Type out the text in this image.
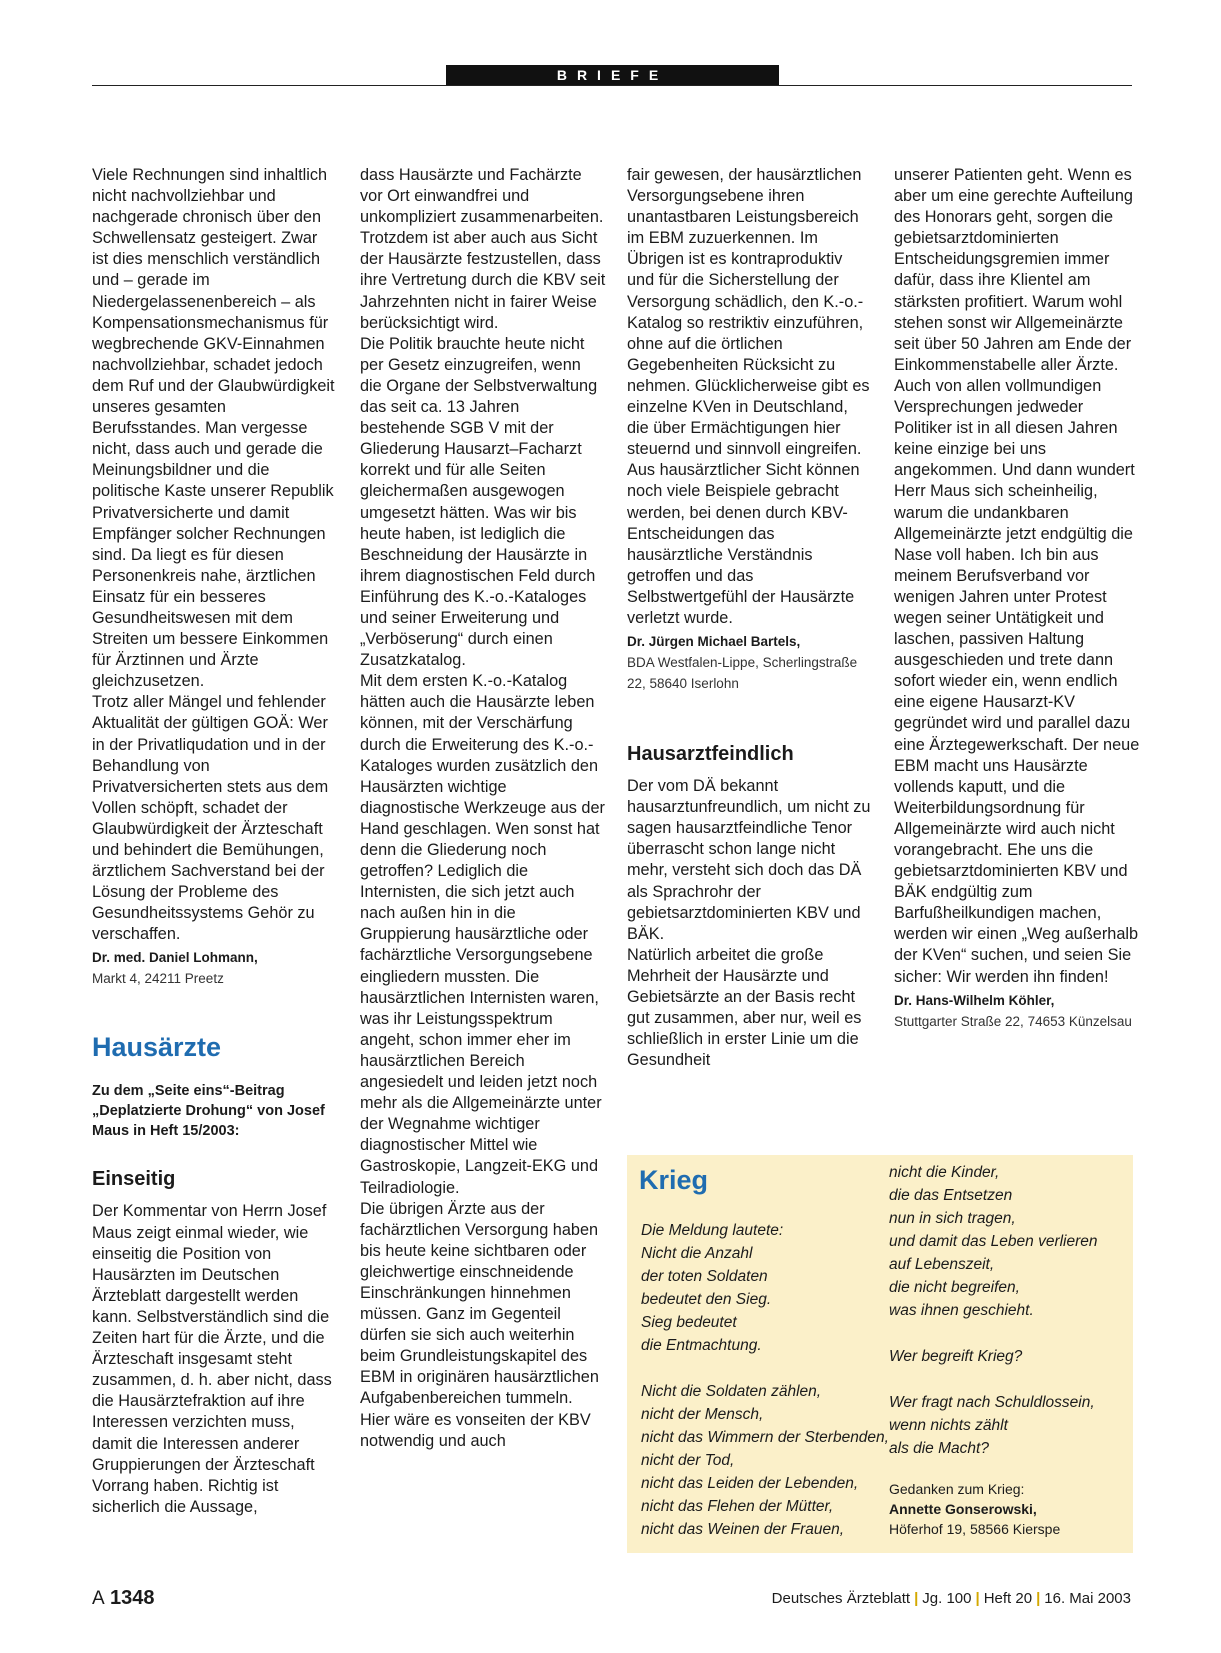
BRIEFE

Viele Rechnungen sind inhaltlich nicht nachvollziehbar und nachgerade chronisch über den Schwellensatz gesteigert. Zwar ist dies menschlich verständlich und – gerade im Niedergelassenenbereich – als Kompensationsmechanismus für wegbrechende GKV-Einnahmen nachvollziehbar, schadet jedoch dem Ruf und der Glaubwürdigkeit unseres gesamten Berufsstandes. Man vergesse nicht, dass auch und gerade die Meinungsbildner und die politische Kaste unserer Republik Privatversicherte und damit Empfänger solcher Rechnungen sind. Da liegt es für diesen Personenkreis nahe, ärztlichen Einsatz für ein besseres Gesundheitswesen mit dem Streiten um bessere Einkommen für Ärztinnen und Ärzte gleichzusetzen.

Trotz aller Mängel und fehlender Aktualität der gültigen GOÄ: Wer in der Privatliqudation und in der Behandlung von Privatversicherten stets aus dem Vollen schöpft, schadet der Glaubwürdigkeit der Ärzteschaft und behindert die Bemühungen, ärztlichem Sachverstand bei der Lösung der Probleme des Gesundheitssystems Gehör zu verschaffen.

Dr. med. Daniel Lohmann,
Markt 4, 24211 Preetz
Hausärzte
Zu dem „Seite eins“-Beitrag „Deplatzierte Drohung“ von Josef Maus in Heft 15/2003:
Einseitig

Der Kommentar von Herrn Josef Maus zeigt einmal wieder, wie einseitig die Position von Hausärzten im Deutschen Ärzteblatt dargestellt werden kann. Selbstverständlich sind die Zeiten hart für die Ärzte, und die Ärzteschaft insgesamt steht zusammen, d. h. aber nicht, dass die Hausärztefraktion auf ihre Interessen verzichten muss, damit die Interessen anderer Gruppierungen der Ärzteschaft Vorrang haben. Richtig ist sicherlich die Aussage,

dass Hausärzte und Fachärzte vor Ort einwandfrei und unkompliziert zusammenarbeiten. Trotzdem ist aber auch aus Sicht der Hausärzte festzustellen, dass ihre Vertretung durch die KBV seit Jahrzehnten nicht in fairer Weise berücksichtigt wird.

Die Politik brauchte heute nicht per Gesetz einzugreifen, wenn die Organe der Selbstverwaltung das seit ca. 13 Jahren bestehende SGB V mit der Gliederung Hausarzt–Facharzt korrekt und für alle Seiten gleichermaßen ausgewogen umgesetzt hätten. Was wir bis heute haben, ist lediglich die Beschneidung der Hausärzte in ihrem diagnostischen Feld durch Einführung des K.-o.-Kataloges und seiner Erweiterung und „Verböserung“ durch einen Zusatzkatalog.

Mit dem ersten K.-o.-Katalog hätten auch die Hausärzte leben können, mit der Verschärfung durch die Erweiterung des K.-o.-Kataloges wurden zusätzlich den Hausärzten wichtige diagnostische Werkzeuge aus der Hand geschlagen. Wen sonst hat denn die Gliederung noch getroffen? Lediglich die Internisten, die sich jetzt auch nach außen hin in die Gruppierung hausärztliche oder fachärztliche Versorgungsebene eingliedern mussten. Die hausärztlichen Internisten waren, was ihr Leistungsspektrum angeht, schon immer eher im hausärztlichen Bereich angesiedelt und leiden jetzt noch mehr als die Allgemeinärzte unter der Wegnahme wichtiger diagnostischer Mittel wie Gastroskopie, Langzeit-EKG und Teilradiologie.

Die übrigen Ärzte aus der fachärztlichen Versorgung haben bis heute keine sichtbaren oder gleichwertige einschneidende Einschränkungen hinnehmen müssen. Ganz im Gegenteil dürfen sie sich auch weiterhin beim Grundleistungskapitel des EBM in originären hausärztlichen Aufgabenbereichen tummeln.

Hier wäre es vonseiten der KBV notwendig und auch

fair gewesen, der hausärztlichen Versorgungsebene ihren unantastbaren Leistungsbereich im EBM zuzuerkennen. Im Übrigen ist es kontraproduktiv und für die Sicherstellung der Versorgung schädlich, den K.-o.-Katalog so restriktiv einzuführen, ohne auf die örtlichen Gegebenheiten Rücksicht zu nehmen. Glücklicherweise gibt es einzelne KVen in Deutschland, die über Ermächtigungen hier steuernd und sinnvoll eingreifen.

Aus hausärztlicher Sicht können noch viele Beispiele gebracht werden, bei denen durch KBV-Entscheidungen das hausärztliche Verständnis getroffen und das Selbstwertgefühl der Hausärzte verletzt wurde.

Dr. Jürgen Michael Bartels,
BDA Westfalen-Lippe, Scherlingstraße 22, 58640 Iserlohn
Hausarztfeindlich

Der vom DÄ bekannt hausarztunfreundlich, um nicht zu sagen hausarztfeindliche Tenor überrascht schon lange nicht mehr, versteht sich doch das DÄ als Sprachrohr der gebietsarztdominierten KBV und BÄK.

Natürlich arbeitet die große Mehrheit der Hausärzte und Gebietsärzte an der Basis recht gut zusammen, aber nur, weil es schließlich in erster Linie um die Gesundheit

unserer Patienten geht. Wenn es aber um eine gerechte Aufteilung des Honorars geht, sorgen die gebietsarztdominierten Entscheidungsgremien immer dafür, dass ihre Klientel am stärksten profitiert. Warum wohl stehen sonst wir Allgemeinärzte seit über 50 Jahren am Ende der Einkommenstabelle aller Ärzte. Auch von allen vollmundigen Versprechungen jedweder Politiker ist in all diesen Jahren keine einzige bei uns angekommen. Und dann wundert Herr Maus sich scheinheilig, warum die undankbaren Allgemeinärzte jetzt endgültig die Nase voll haben. Ich bin aus meinem Berufsverband vor wenigen Jahren unter Protest wegen seiner Untätigkeit und laschen, passiven Haltung ausgeschieden und trete dann sofort wieder ein, wenn endlich eine eigene Hausarzt-KV gegründet wird und parallel dazu eine Ärztegewerkschaft. Der neue EBM macht uns Hausärzte vollends kaputt, und die Weiterbildungsordnung für Allgemeinärzte wird auch nicht vorangebracht. Ehe uns die gebietsarztdominierten KBV und BÄK endgültig zum Barfußheilkundigen machen, werden wir einen „Weg außerhalb der KVen“ suchen, und seien Sie sicher: Wir werden ihn finden!

Dr. Hans-Wilhelm Köhler,
Stuttgarter Straße 22, 74653 Künzelsau
Krieg
Die Meldung lautete:
Nicht die Anzahl
der toten Soldaten
bedeutet den Sieg.
Sieg bedeutet
die Entmachtung.
Nicht die Soldaten zählen,
nicht der Mensch,
nicht das Wimmern der Sterbenden,
nicht der Tod,
nicht das Leiden der Lebenden,
nicht das Flehen der Mütter,
nicht das Weinen der Frauen,
nicht die Kinder,
die das Entsetzen
nun in sich tragen,
und damit das Leben verlieren
auf Lebenszeit,
die nicht begreifen,
was ihnen geschieht.
Wer begreift Krieg?
Wer fragt nach Schuldlossein,
wenn nichts zählt
als die Macht?
Gedanken zum Krieg:
Annette Gonserowski,
Höferhof 19, 58566 Kierspe
A 1348	Deutsches Ärzteblatt | Jg. 100 | Heft 20 | 16. Mai 2003
